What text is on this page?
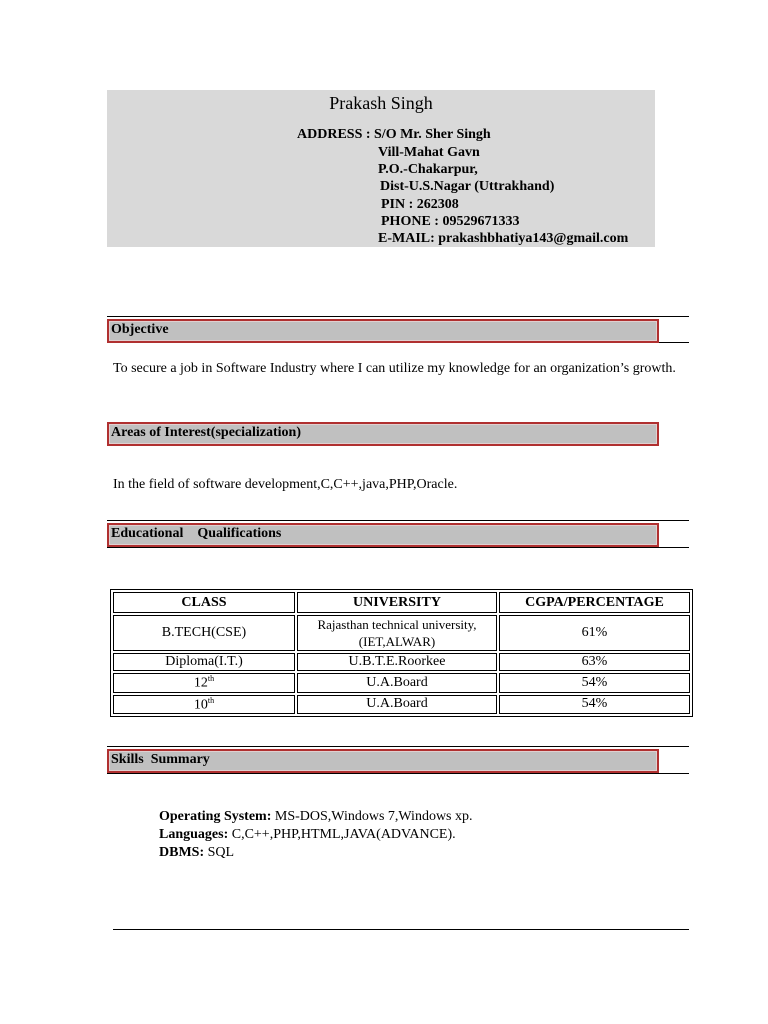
Prakash Singh
ADDRESS : S/O Mr. Sher Singh
Vill-Mahat Gavn
P.O.-Chakarpur,
Dist-U.S.Nagar (Uttrakhand)
PIN : 262308
PHONE : 09529671333
E-MAIL: prakashbhatiya143@gmail.com
Objective
To secure a job in Software Industry where I can utilize my knowledge for an organization’s growth.
Areas of Interest(specialization)
In the field of software development,C,C++,java,PHP,Oracle.
Educational    Qualifications
CLASS	UNIVERSITY	CGPA/PERCENTAGE
B.TECH(CSE)	Rajasthan technical university,(IET,ALWAR)	61%
Diploma(I.T.)	U.B.T.E.Roorkee	63%
12th	U.A.Board	54%
10th	U.A.Board	54%
Skills  Summary
Operating System: MS-DOS,Windows 7,Windows xp.
Languages: C,C++,PHP,HTML,JAVA(ADVANCE).
DBMS: SQL
